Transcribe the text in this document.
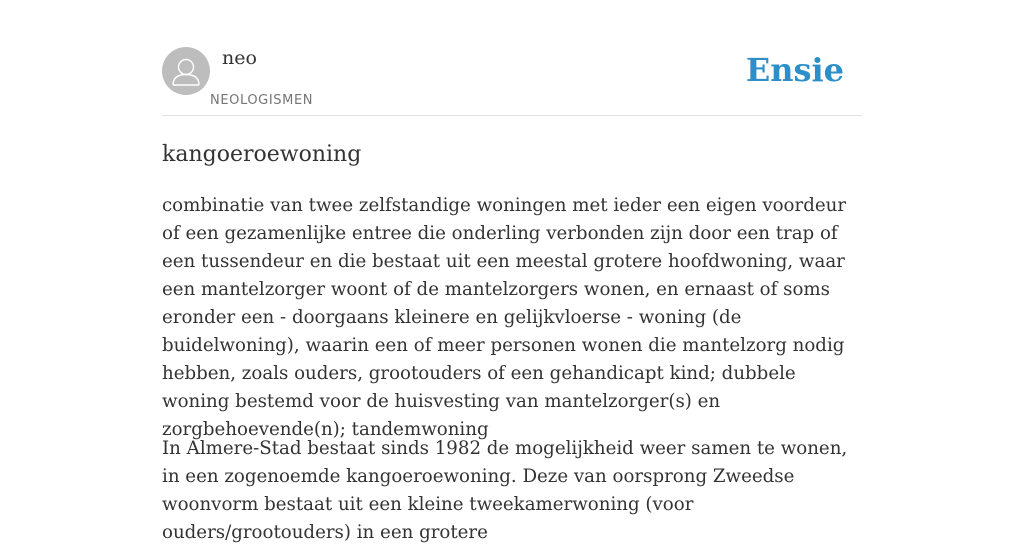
neo
NEOLOGISMEN
Ensie
kangoeroewoning

combinatie van twee zelfstandige woningen met ieder een eigen voordeur of een gezamenlijke entree die onderling verbonden zijn door een trap of een tussendeur en die bestaat uit een meestal grotere hoofdwoning, waar een mantelzorger woont of de mantelzorgers wonen, en ernaast of soms eronder een - doorgaans kleinere en gelijkvloerse - woning (de buidelwoning), waarin een of meer personen wonen die mantelzorg nodig hebben, zoals ouders, grootouders of een gehandicapt kind; dubbele woning bestemd voor de huisvesting van mantelzorger(s) en zorgbehoevende(n); tandemwoning

In Almere-Stad bestaat sinds 1982 de mogelijkheid weer samen te wonen, in een zogenoemde kangoeroewoning. Deze van oorsprong Zweedse woonvorm bestaat uit een kleine tweekamerwoning (voor ouders/grootouders) in een grotere
